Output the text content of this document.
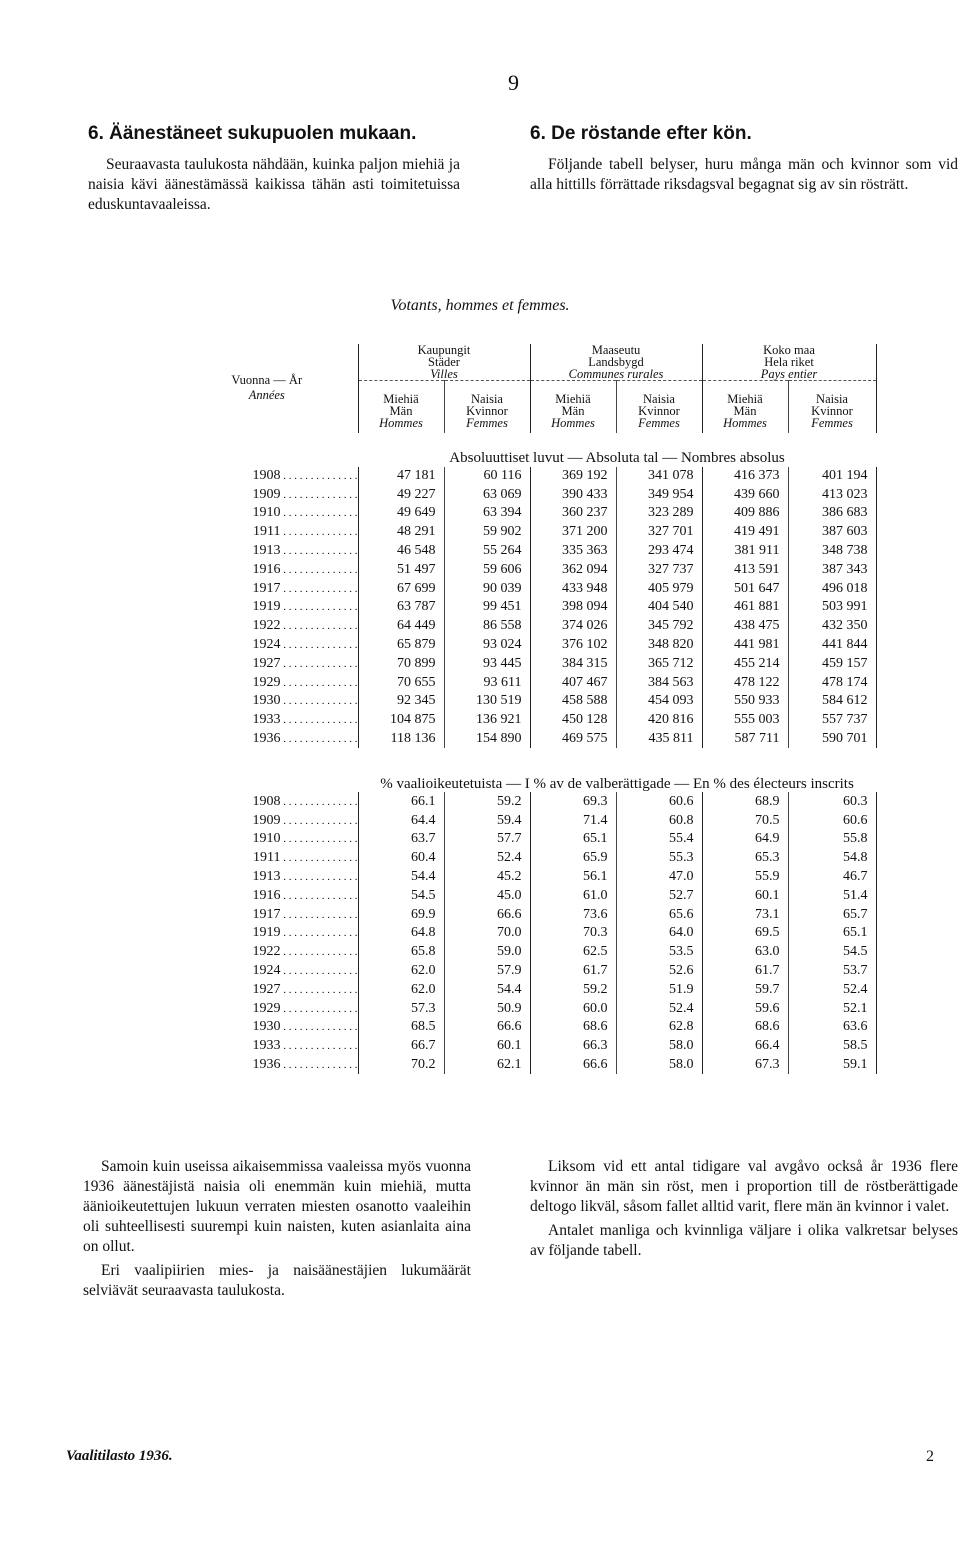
9
6. Äänestäneet sukupuolen mukaan.

Seuraavasta taulukosta nähdään, kuinka paljon miehiä ja naisia kävi äänestämässä kaikissa tähän asti toimitetuissa eduskuntavaaleissa.

6. De röstande efter kön.

Följande tabell belyser, huru många män och kvinnor som vid alla hittills förrättade riksdagsval begagnat sig av sin rösträtt.

Votants, hommes et femmes.
Vuonna — År
Années	Kaupungit
Städer
Villes		Maaseutu
Landsbygd
Communes rurales		Koko maa
Hela riket
Pays entier	
	Miehiä
Män
Hommes	Naisia
Kvinnor
Femmes	Miehiä
Män
Hommes	Naisia
Kvinnor
Femmes	Miehiä
Män
Hommes	Naisia
Kvinnor
Femmes
	Absoluuttiset luvut — Absoluta tal — Nombres absolus					
1908 . . . . . . . . . . . . . .	47 181	60 116	369 192	341 078	416 373	401 194
1909 . . . . . . . . . . . . . .	49 227	63 069	390 433	349 954	439 660	413 023
1910 . . . . . . . . . . . . . .	49 649	63 394	360 237	323 289	409 886	386 683
1911 . . . . . . . . . . . . . .	48 291	59 902	371 200	327 701	419 491	387 603
1913 . . . . . . . . . . . . . .	46 548	55 264	335 363	293 474	381 911	348 738
1916 . . . . . . . . . . . . . .	51 497	59 606	362 094	327 737	413 591	387 343
1917 . . . . . . . . . . . . . .	67 699	90 039	433 948	405 979	501 647	496 018
1919 . . . . . . . . . . . . . .	63 787	99 451	398 094	404 540	461 881	503 991
1922 . . . . . . . . . . . . . .	64 449	86 558	374 026	345 792	438 475	432 350
1924 . . . . . . . . . . . . . .	65 879	93 024	376 102	348 820	441 981	441 844
1927 . . . . . . . . . . . . . .	70 899	93 445	384 315	365 712	455 214	459 157
1929 . . . . . . . . . . . . . .	70 655	93 611	407 467	384 563	478 122	478 174
1930 . . . . . . . . . . . . . .	92 345	130 519	458 588	454 093	550 933	584 612
1933 . . . . . . . . . . . . . .	104 875	136 921	450 128	420 816	555 003	557 737
1936 . . . . . . . . . . . . . .	118 136	154 890	469 575	435 811	587 711	590 701
	% vaalioikeutetuista — I % av de valberättigade — En % des électeurs inscrits					
1908 . . . . . . . . . . . . . .	66.1	59.2	69.3	60.6	68.9	60.3
1909 . . . . . . . . . . . . . .	64.4	59.4	71.4	60.8	70.5	60.6
1910 . . . . . . . . . . . . . .	63.7	57.7	65.1	55.4	64.9	55.8
1911 . . . . . . . . . . . . . .	60.4	52.4	65.9	55.3	65.3	54.8
1913 . . . . . . . . . . . . . .	54.4	45.2	56.1	47.0	55.9	46.7
1916 . . . . . . . . . . . . . .	54.5	45.0	61.0	52.7	60.1	51.4
1917 . . . . . . . . . . . . . .	69.9	66.6	73.6	65.6	73.1	65.7
1919 . . . . . . . . . . . . . .	64.8	70.0	70.3	64.0	69.5	65.1
1922 . . . . . . . . . . . . . .	65.8	59.0	62.5	53.5	63.0	54.5
1924 . . . . . . . . . . . . . .	62.0	57.9	61.7	52.6	61.7	53.7
1927 . . . . . . . . . . . . . .	62.0	54.4	59.2	51.9	59.7	52.4
1929 . . . . . . . . . . . . . .	57.3	50.9	60.0	52.4	59.6	52.1
1930 . . . . . . . . . . . . . .	68.5	66.6	68.6	62.8	68.6	63.6
1933 . . . . . . . . . . . . . .	66.7	60.1	66.3	58.0	66.4	58.5
1936 . . . . . . . . . . . . . .	70.2	62.1	66.6	58.0	67.3	59.1

Samoin kuin useissa aikaisemmissa vaaleissa myös vuonna 1936 äänestäjistä naisia oli enemmän kuin miehiä, mutta äänioikeutettujen lukuun verraten miesten osanotto vaaleihin oli suhteellisesti suurempi kuin naisten, kuten asianlaita aina on ollut.

Eri vaalipiirien mies- ja naisäänestäjien lukumäärät selviävät seuraavasta taulukosta.

Liksom vid ett antal tidigare val avgåvo också år 1936 flere kvinnor än män sin röst, men i proportion till de röstberättigade deltogo likväl, såsom fallet alltid varit, flere män än kvinnor i valet.

Antalet manliga och kvinnliga väljare i olika valkretsar belyses av följande tabell.

Vaalitilasto 1936.	2
